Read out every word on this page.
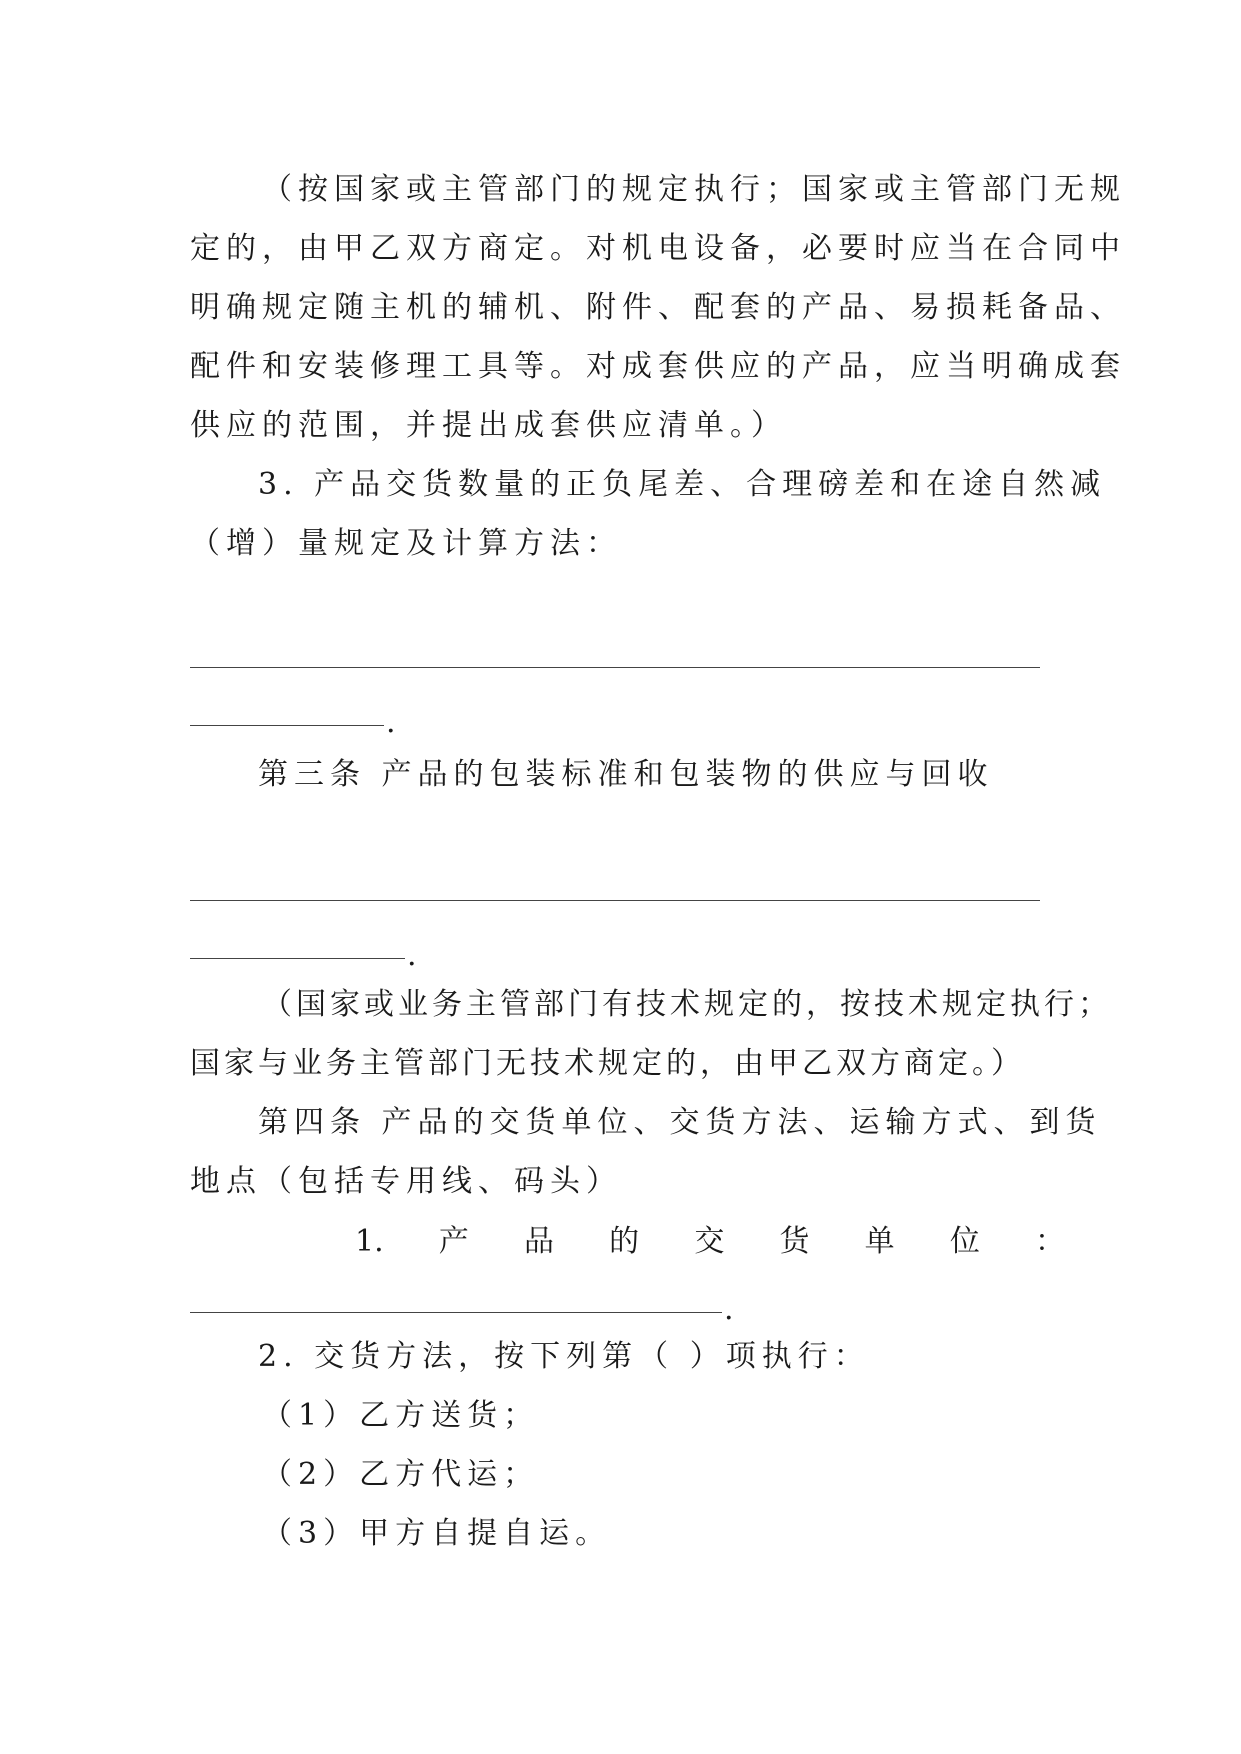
（按国家或主管部门的规定执行；国家或主管部门无规
定的，由甲乙双方商定。对机电设备，必要时应当在合同中
明确规定随主机的辅机、附件、配套的产品、易损耗备品、
配件和安装修理工具等。对成套供应的产品，应当明确成套
供应的范围，并提出成套供应清单。）
3. 产品交货数量的正负尾差、合理磅差和在途自然减
（增）量规定及计算方法：
.
第三条 产品的包装标准和包装物的供应与回收
.
（国家或业务主管部门有技术规定的，按技术规定执行；
国家与业务主管部门无技术规定的，由甲乙双方商定。）
第四条 产品的交货单位、交货方法、运输方式、到货
地点（包括专用线、码头）
1. 产 品 的 交 货 单 位 ：
.
2. 交货方法，按下列第（ ）项执行：
（1）乙方送货；
（2）乙方代运；
（3）甲方自提自运。
